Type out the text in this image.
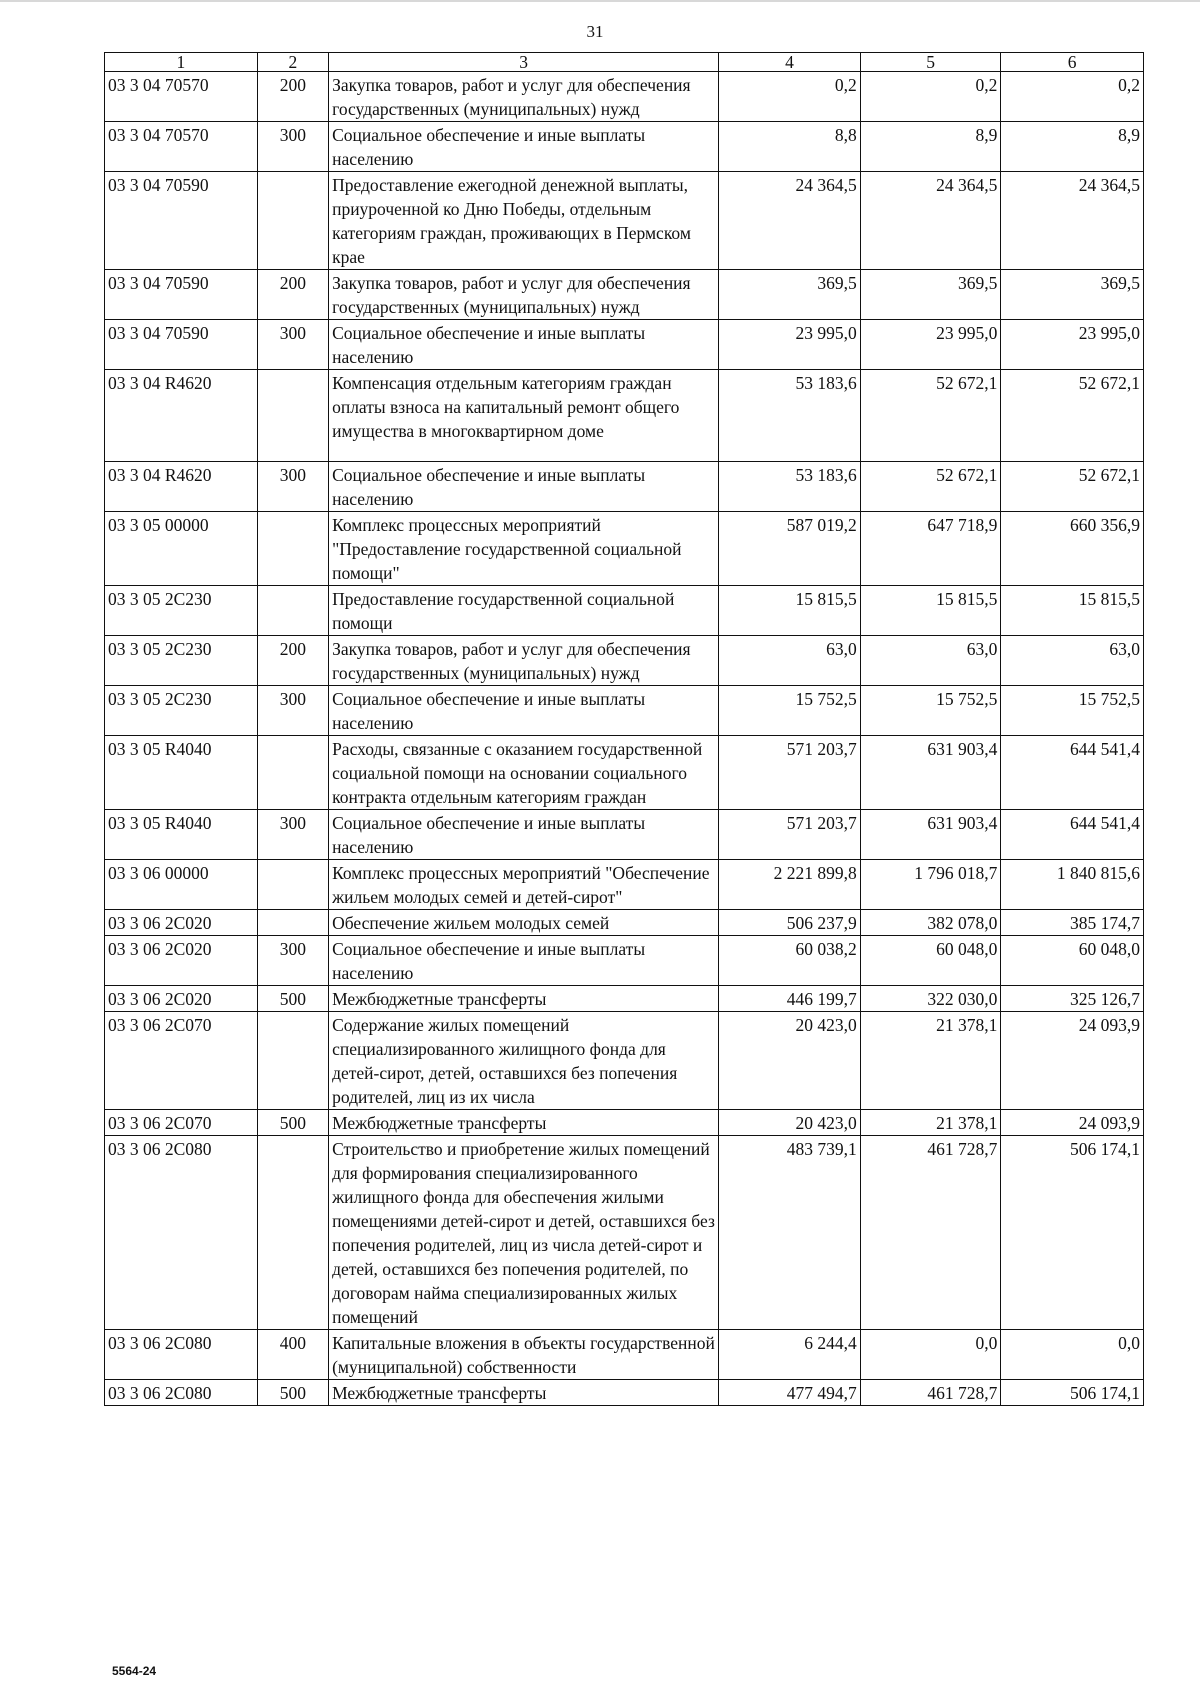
31
1	2	3	4	5	6
03 3 04 70570	200	Закупка товаров, работ и услуг для обеспечения государственных (муниципальных) нужд	0,2	0,2	0,2
03 3 04 70570	300	Социальное обеспечение и иные выплаты населению	8,8	8,9	8,9
03 3 04 70590		Предоставление ежегодной денежной выплаты, приуроченной ко Дню Победы, отдельным категориям граждан, проживающих в Пермском крае	24 364,5	24 364,5	24 364,5
03 3 04 70590	200	Закупка товаров, работ и услуг для обеспечения государственных (муниципальных) нужд	369,5	369,5	369,5
03 3 04 70590	300	Социальное обеспечение и иные выплаты населению	23 995,0	23 995,0	23 995,0
03 3 04 R4620		Компенсация отдельным категориям граждан оплаты взноса на капитальный ремонт общего имущества в многоквартирном доме	53 183,6	52 672,1	52 672,1
03 3 04 R4620	300	Социальное обеспечение и иные выплаты населению	53 183,6	52 672,1	52 672,1
03 3 05 00000		Комплекс процессных мероприятий "Предоставление государственной социальной помощи"	587 019,2	647 718,9	660 356,9
03 3 05 2С230		Предоставление государственной социальной помощи	15 815,5	15 815,5	15 815,5
03 3 05 2С230	200	Закупка товаров, работ и услуг для обеспечения государственных (муниципальных) нужд	63,0	63,0	63,0
03 3 05 2С230	300	Социальное обеспечение и иные выплаты населению	15 752,5	15 752,5	15 752,5
03 3 05 R4040		Расходы, связанные с оказанием государственной социальной помощи на основании социального контракта отдельным категориям граждан	571 203,7	631 903,4	644 541,4
03 3 05 R4040	300	Социальное обеспечение и иные выплаты населению	571 203,7	631 903,4	644 541,4
03 3 06 00000		Комплекс процессных мероприятий "Обеспечение жильем молодых семей и детей-сирот"	2 221 899,8	1 796 018,7	1 840 815,6
03 3 06 2С020		Обеспечение жильем молодых семей	506 237,9	382 078,0	385 174,7
03 3 06 2С020	300	Социальное обеспечение и иные выплаты населению	60 038,2	60 048,0	60 048,0
03 3 06 2С020	500	Межбюджетные трансферты	446 199,7	322 030,0	325 126,7
03 3 06 2С070		Содержание жилых помещений специализированного жилищного фонда для детей-сирот, детей, оставшихся без попечения родителей, лиц из их числа	20 423,0	21 378,1	24 093,9
03 3 06 2С070	500	Межбюджетные трансферты	20 423,0	21 378,1	24 093,9
03 3 06 2С080		Строительство и приобретение жилых помещений для формирования специализированного жилищного фонда для обеспечения жилыми помещениями детей-сирот и детей, оставшихся без попечения родителей, лиц из числа детей-сирот и детей, оставшихся без попечения родителей, по договорам найма специализированных жилых помещений	483 739,1	461 728,7	506 174,1
03 3 06 2С080	400	Капитальные вложения в объекты государственной (муниципальной) собственности	6 244,4	0,0	0,0
03 3 06 2С080	500	Межбюджетные трансферты	477 494,7	461 728,7	506 174,1
5564-24
